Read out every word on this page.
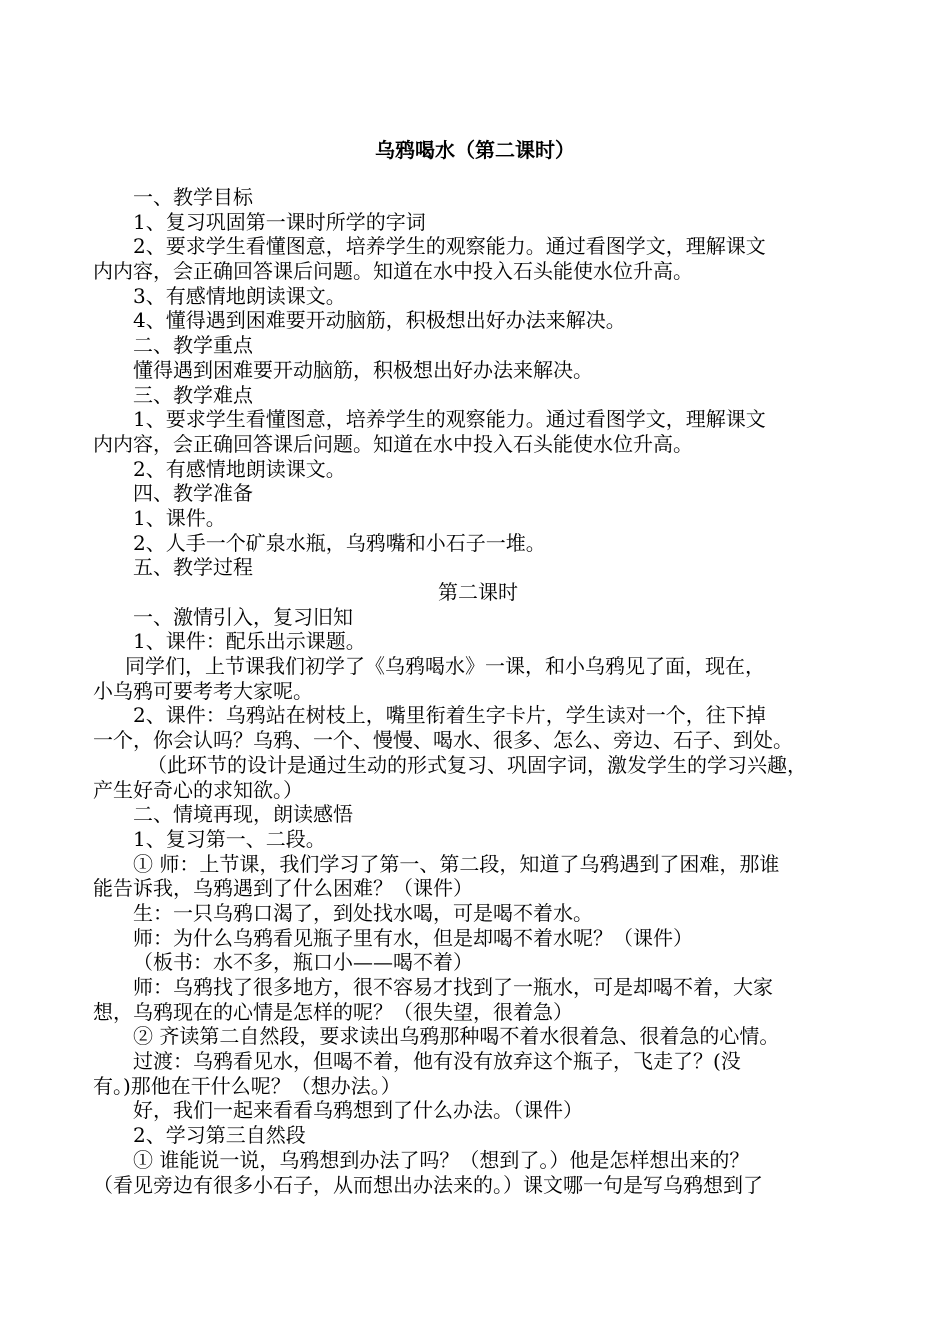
乌鸦喝水（第二课时）
一、教学目标
1、复习巩固第一课时所学的字词
2、要求学生看懂图意，培养学生的观察能力。通过看图学文，理解课文
内内容，会正确回答课后问题。知道在水中投入石头能使水位升高。
3、有感情地朗读课文。
4、懂得遇到困难要开动脑筋，积极想出好办法来解决。
二、教学重点
懂得遇到困难要开动脑筋，积极想出好办法来解决。
三、教学难点
1、要求学生看懂图意，培养学生的观察能力。通过看图学文，理解课文
内内容，会正确回答课后问题。知道在水中投入石头能使水位升高。
2、有感情地朗读课文。
四、教学准备
1、课件。
2、人手一个矿泉水瓶，乌鸦嘴和小石子一堆。
五、教学过程
第二课时
一、激情引入，复习旧知
1、课件：配乐出示课题。
同学们，上节课我们初学了《乌鸦喝水》一课，和小乌鸦见了面，现在，
小乌鸦可要考考大家呢。
2、课件：乌鸦站在树枝上，嘴里衔着生字卡片，学生读对一个，往下掉
一个，你会认吗？乌鸦、一个、慢慢、喝水、很多、怎么、旁边、石子、到处。
（此环节的设计是通过生动的形式复习、巩固字词，激发学生的学习兴趣，
产生好奇心的求知欲。）
二、情境再现，朗读感悟
1、复习第一、二段。
① 师：上节课，我们学习了第一、第二段，知道了乌鸦遇到了困难，那谁
能告诉我，乌鸦遇到了什么困难？（课件）
生：一只乌鸦口渴了，到处找水喝，可是喝不着水。
师：为什么乌鸦看见瓶子里有水，但是却喝不着水呢？（课件）
（板书：水不多，瓶口小——喝不着）
师：乌鸦找了很多地方，很不容易才找到了一瓶水，可是却喝不着，大家
想，乌鸦现在的心情是怎样的呢？（很失望，很着急）
② 齐读第二自然段，要求读出乌鸦那种喝不着水很着急、很着急的心情。
过渡：乌鸦看见水，但喝不着，他有没有放弃这个瓶子，飞走了？(没
有。)那他在干什么呢？（想办法。）
好，我们一起来看看乌鸦想到了什么办法。（课件）
2、学习第三自然段
① 谁能说一说，乌鸦想到办法了吗？（想到了。）他是怎样想出来的？
（看见旁边有很多小石子，从而想出办法来的。）课文哪一句是写乌鸦想到了
